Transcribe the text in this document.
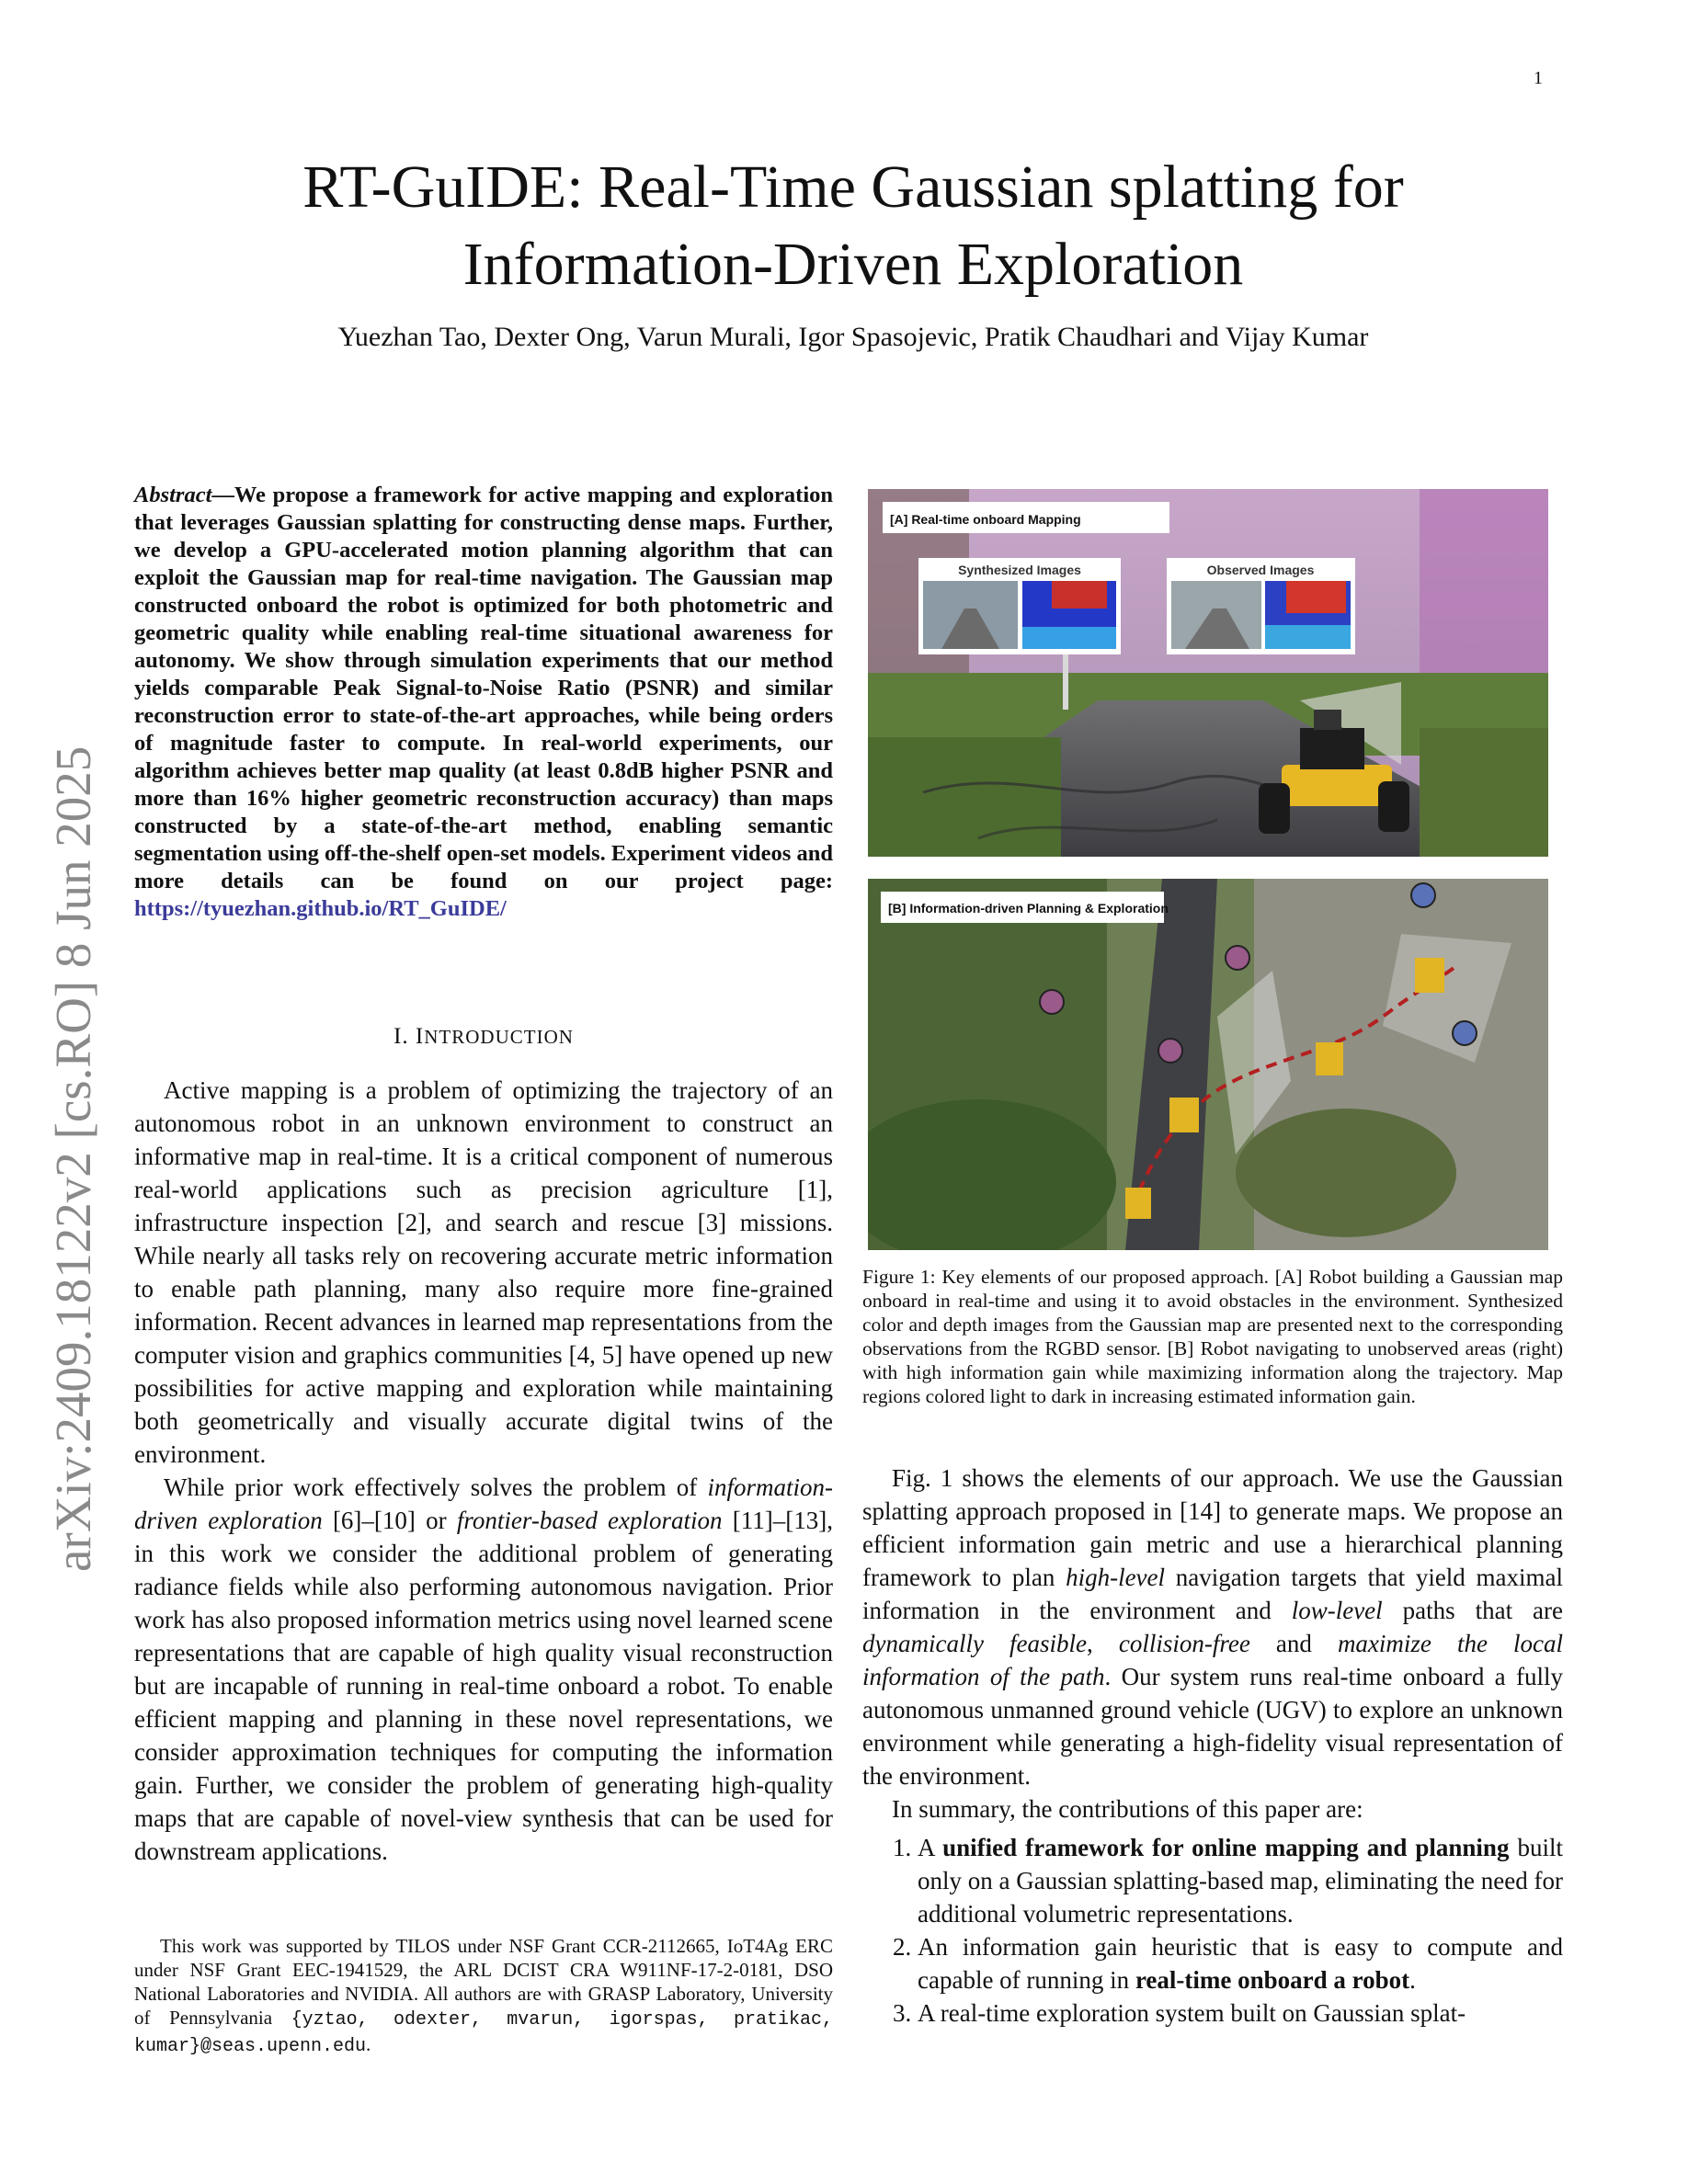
1
RT-GuIDE: Real-Time Gaussian splatting for
Information-Driven Exploration
Yuezhan Tao, Dexter Ong, Varun Murali, Igor Spasojevic, Pratik Chaudhari and Vijay Kumar
arXiv:2409.18122v2 [cs.RO] 8 Jun 2025
Abstract—We propose a framework for active mapping and exploration that leverages Gaussian splatting for constructing dense maps. Further, we develop a GPU-accelerated motion planning algorithm that can exploit the Gaussian map for real-time navigation. The Gaussian map constructed onboard the robot is optimized for both photometric and geometric quality while enabling real-time situational awareness for autonomy. We show through simulation experiments that our method yields comparable Peak Signal-to-Noise Ratio (PSNR) and similar reconstruction error to state-of-the-art approaches, while being orders of magnitude faster to compute. In real-world experiments, our algorithm achieves better map quality (at least 0.8dB higher PSNR and more than 16% higher geometric reconstruction accuracy) than maps constructed by a state-of-the-art method, enabling semantic segmentation using off-the-shelf open-set models. Experiment videos and more details can be found on our project page: https://tyuezhan.github.io/RT_GuIDE/
I. INTRODUCTION

Active mapping is a problem of optimizing the trajectory of an autonomous robot in an unknown environment to construct an informative map in real-time. It is a critical component of numerous real-world applications such as precision agriculture [1], infrastructure inspection [2], and search and rescue [3] missions. While nearly all tasks rely on recovering accurate metric information to enable path planning, many also require more fine-grained information. Recent advances in learned map representations from the computer vision and graphics communities [4, 5] have opened up new possibilities for active mapping and exploration while maintaining both geometrically and visually accurate digital twins of the environment.

While prior work effectively solves the problem of information-driven exploration [6]–[10] or frontier-based exploration [11]–[13], in this work we consider the additional problem of generating radiance fields while also performing autonomous navigation. Prior work has also proposed information metrics using novel learned scene representations that are capable of high quality visual reconstruction but are incapable of running in real-time onboard a robot. To enable efficient mapping and planning in these novel representations, we consider approximation techniques for computing the information gain. Further, we consider the problem of generating high-quality maps that are capable of novel-view synthesis that can be used for downstream applications.

This work was supported by TILOS under NSF Grant CCR-2112665, IoT4Ag ERC under NSF Grant EEC-1941529, the ARL DCIST CRA W911NF-17-2-0181, DSO National Laboratories and NVIDIA. All authors are with GRASP Laboratory, University of Pennsylvania {yztao, odexter, mvarun, igorspas, pratikac, kumar}@seas.upenn.edu.
[A] Real-time onboard Mapping
Synthesized Images	Observed Images
[B] Information-driven Planning & Exploration
Figure 1: Key elements of our proposed approach. [A] Robot building a Gaussian map onboard in real-time and using it to avoid obstacles in the environment. Synthesized color and depth images from the Gaussian map are presented next to the corresponding observations from the RGBD sensor. [B] Robot navigating to unobserved areas (right) with high information gain while maximizing information along the trajectory. Map regions colored light to dark in increasing estimated information gain.

Fig. 1 shows the elements of our approach. We use the Gaussian splatting approach proposed in [14] to generate maps. We propose an efficient information gain metric and use a hierarchical planning framework to plan high-level navigation targets that yield maximal information in the environment and low-level paths that are dynamically feasible, collision-free and maximize the local information of the path. Our system runs real-time onboard a fully autonomous unmanned ground vehicle (UGV) to explore an unknown environment while generating a high-fidelity visual representation of the environment.

In summary, the contributions of this paper are:

1. A unified framework for online mapping and planning built only on a Gaussian splatting-based map, eliminating the need for additional volumetric representations.
2. An information gain heuristic that is easy to compute and capable of running in real-time onboard a robot.
3. A real-time exploration system built on Gaussian splat-
